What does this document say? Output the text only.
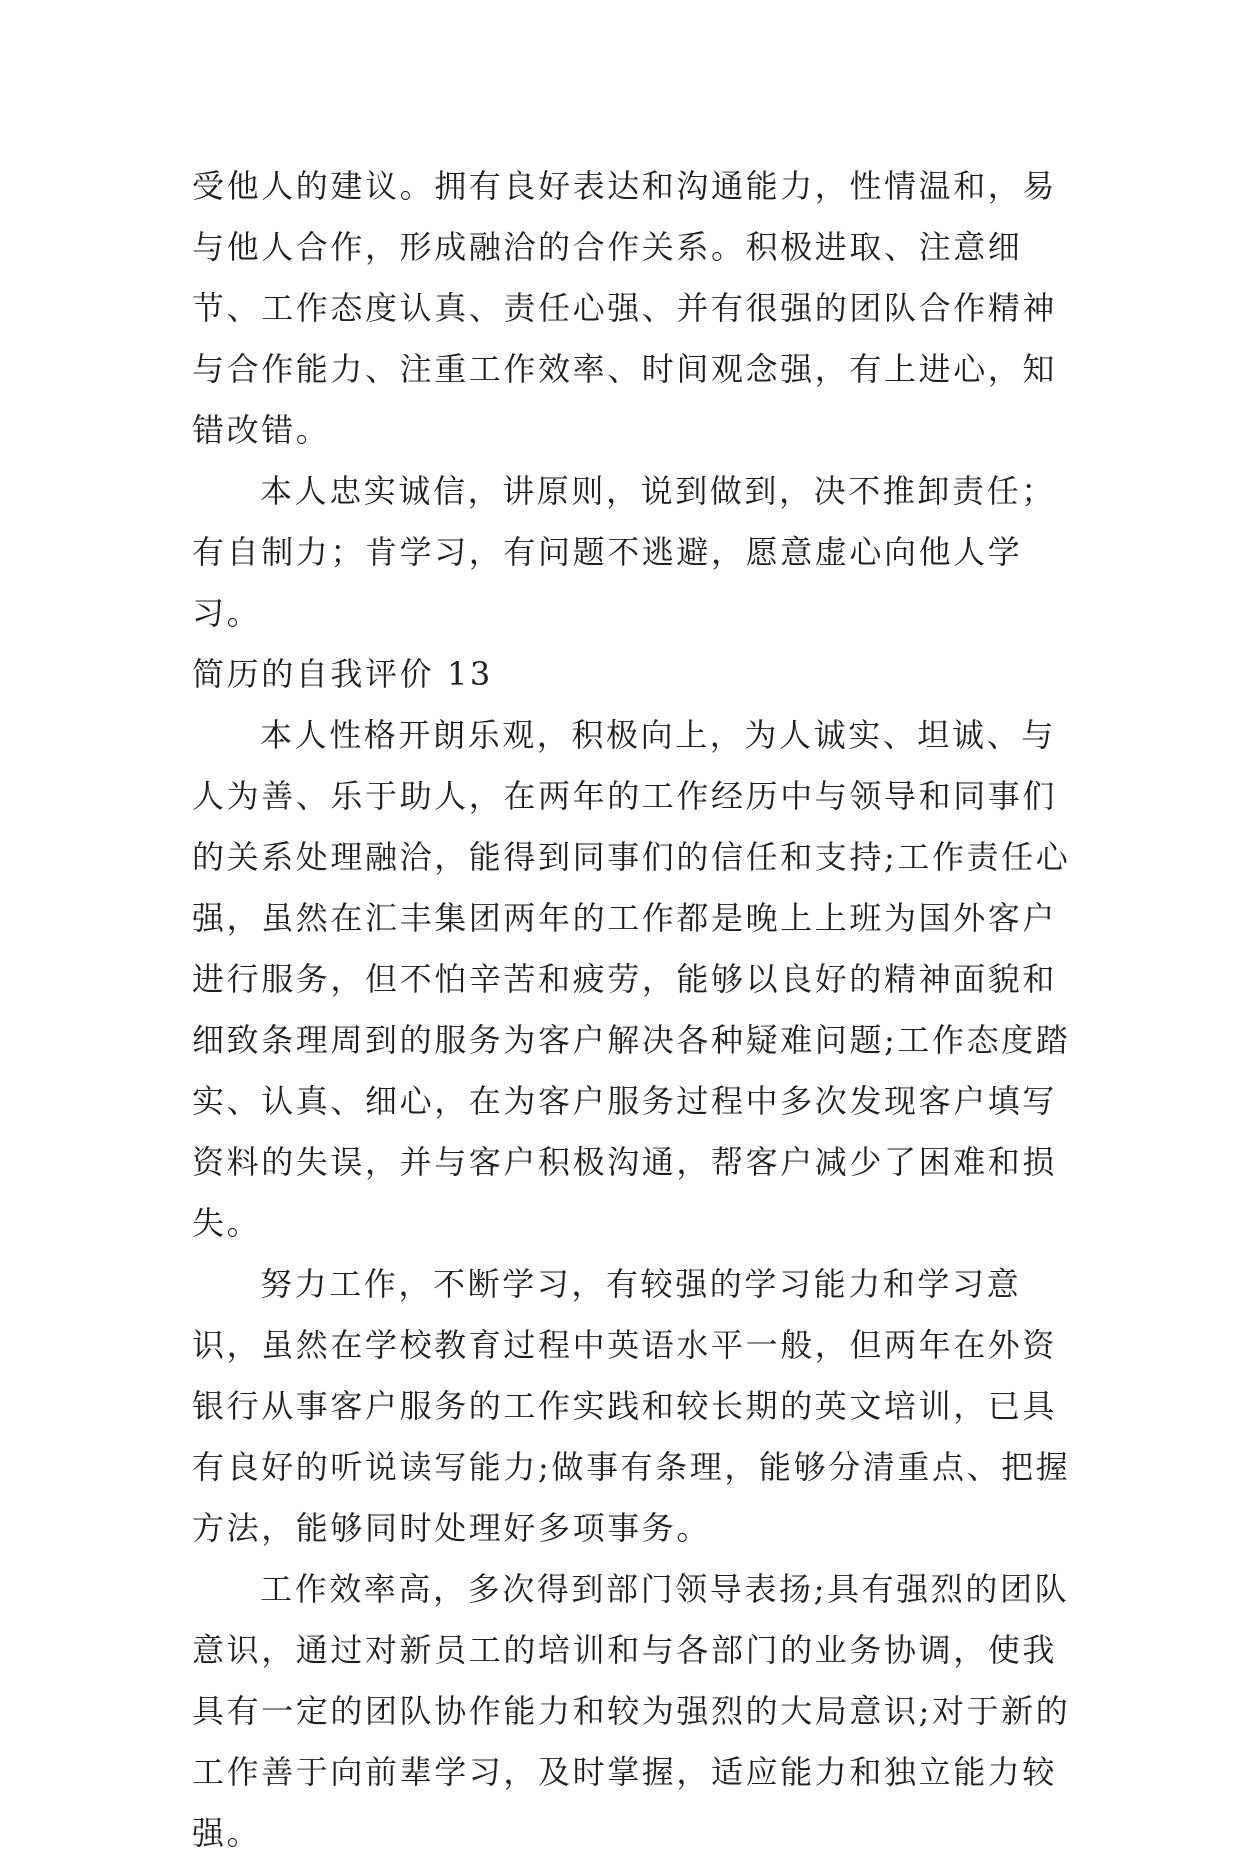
受他人的建议。拥有良好表达和沟通能力，性情温和，易与他人合作，形成融洽的合作关系。积极进取、注意细节、工作态度认真、责任心强、并有很强的团队合作精神与合作能力、注重工作效率、时间观念强，有上进心，知错改错。

本人忠实诚信，讲原则，说到做到，决不推卸责任；有自制力；肯学习，有问题不逃避，愿意虚心向他人学习。

简历的自我评价 13

本人性格开朗乐观，积极向上，为人诚实、坦诚、与人为善、乐于助人，在两年的工作经历中与领导和同事们的关系处理融洽，能得到同事们的信任和支持;工作责任心强，虽然在汇丰集团两年的工作都是晚上上班为国外客户进行服务，但不怕辛苦和疲劳，能够以良好的精神面貌和细致条理周到的服务为客户解决各种疑难问题;工作态度踏实、认真、细心，在为客户服务过程中多次发现客户填写资料的失误，并与客户积极沟通，帮客户减少了困难和损失。

努力工作，不断学习，有较强的学习能力和学习意识，虽然在学校教育过程中英语水平一般，但两年在外资银行从事客户服务的工作实践和较长期的英文培训，已具有良好的听说读写能力;做事有条理，能够分清重点、把握方法，能够同时处理好多项事务。

工作效率高，多次得到部门领导表扬;具有强烈的团队意识，通过对新员工的培训和与各部门的业务协调，使我具有一定的团队协作能力和较为强烈的大局意识;对于新的工作善于向前辈学习，及时掌握，适应能力和独立能力较强。
